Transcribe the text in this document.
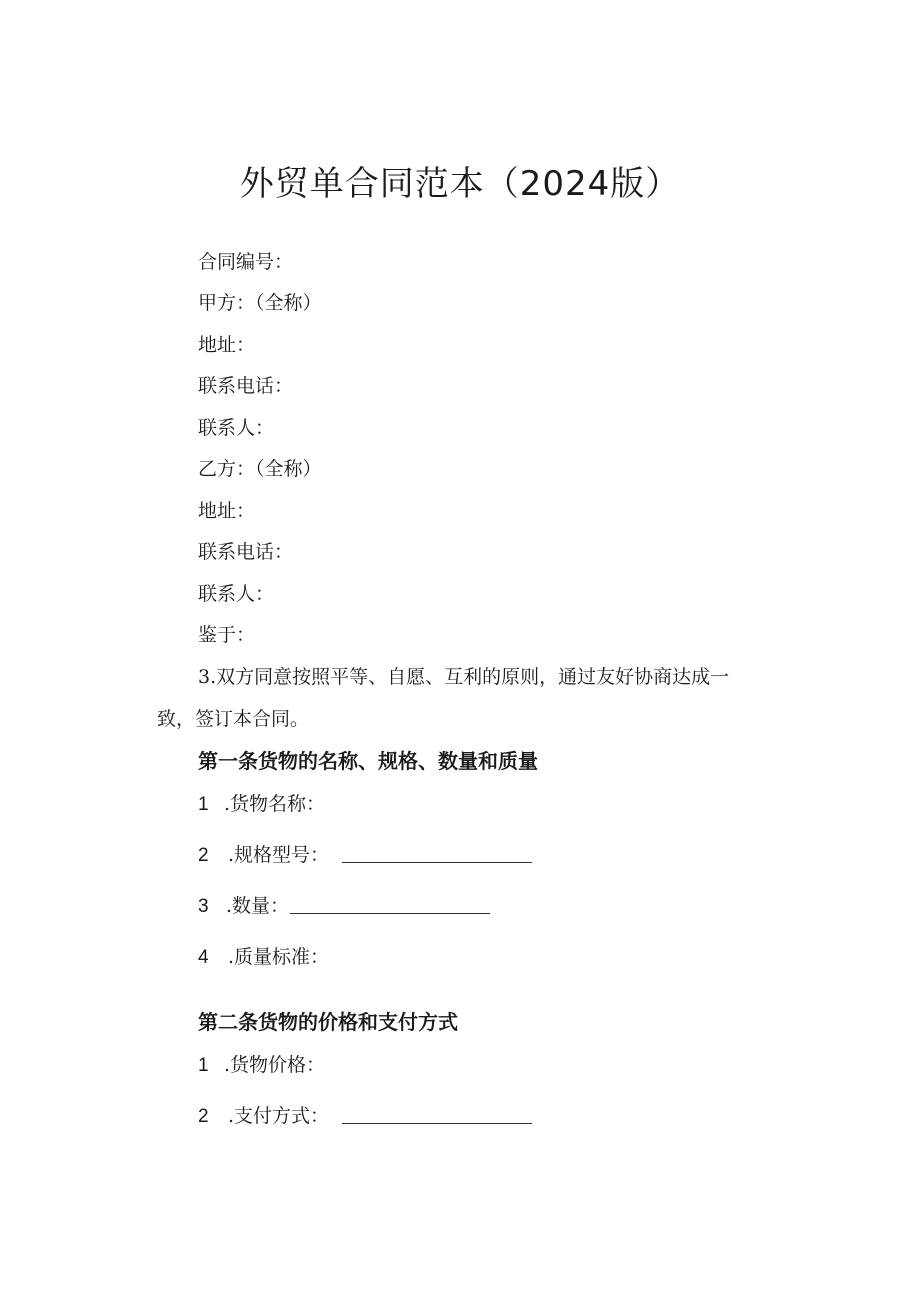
外贸单合同范本（2024版）
合同编号：
甲方：（全称）
地址：
联系电话：
联系人：
乙方：（全称）
地址：
联系电话：
联系人：
鉴于：
3.双方同意按照平等、自愿、互利的原则，通过友好协商达成一
致，签订本合同。
第一条货物的名称、规格、数量和质量
1 .货物名称：
2 .规格型号：
3 .数量：
4 .质量标准：
第二条货物的价格和支付方式
1 .货物价格：
2 .支付方式：
